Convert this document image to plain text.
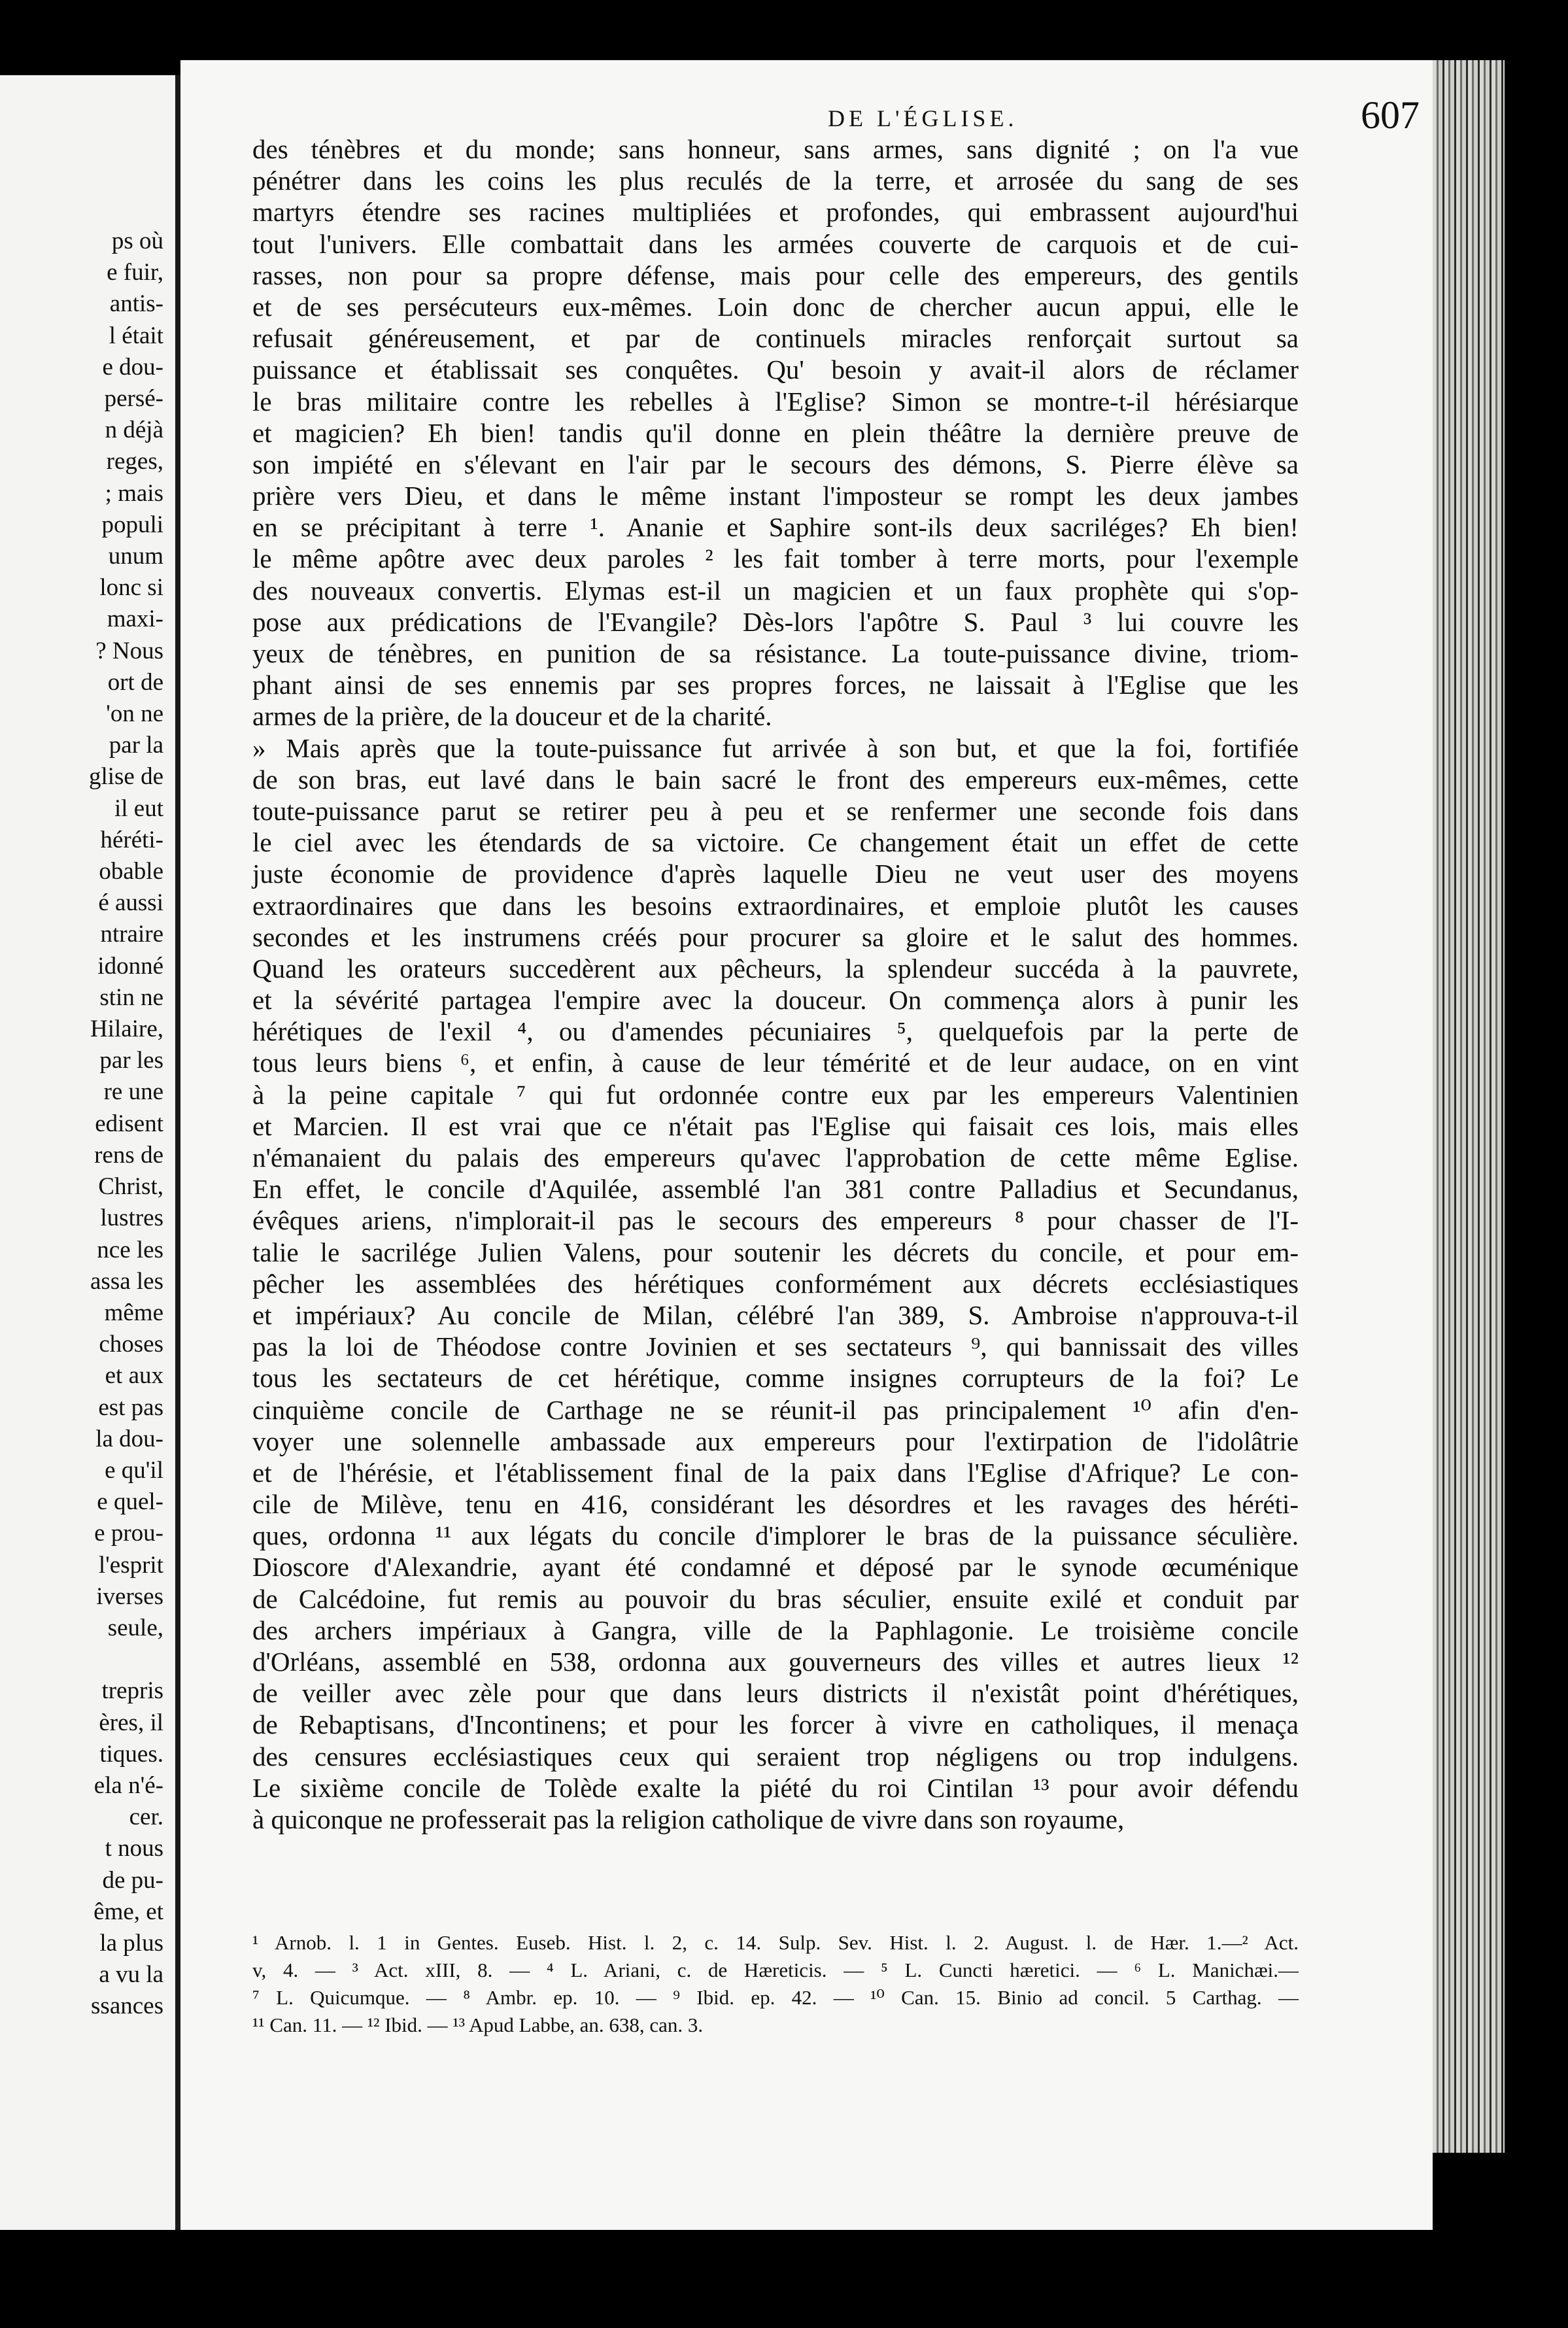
ps où
e fuir,
antis-
l était
e dou-
persé-
n déjà
reges,
; mais
populi
unum
lonc si
maxi-
? Nous
ort de
'on ne
par la
glise de
il eut
héréti-
obable
é aussi
ntraire
idonné
stin ne
Hilaire,
par les
re une
edisent
rens de
Christ,
lustres
nce les
assa les
même
choses
et aux
est pas
la dou-
e qu'il
e quel-
e prou-
l'esprit
iverses
seule,

trepris
ères, il
tiques.
ela n'é-
cer.
t nous
de pu-
ême, et
la plus
a vu la
ssances
DE L'ÉGLISE.	607
des ténèbres et du monde; sans honneur, sans armes, sans dignité ; on l'a vue
pénétrer dans les coins les plus reculés de la terre, et arrosée du sang de ses
martyrs étendre ses racines multipliées et profondes, qui embrassent aujourd'hui
tout l'univers. Elle combattait dans les armées couverte de carquois et de cui-
rasses, non pour sa propre défense, mais pour celle des empereurs, des gentils
et de ses persécuteurs eux-mêmes. Loin donc de chercher aucun appui, elle le
refusait généreusement, et par de continuels miracles renforçait surtout sa
puissance et établissait ses conquêtes. Qu' besoin y avait-il alors de réclamer
le bras militaire contre les rebelles à l'Eglise? Simon se montre-t-il hérésiarque
et magicien? Eh bien! tandis qu'il donne en plein théâtre la dernière preuve de
son impiété en s'élevant en l'air par le secours des démons, S. Pierre élève sa
prière vers Dieu, et dans le même instant l'imposteur se rompt les deux jambes
en se précipitant à terre ¹. Ananie et Saphire sont-ils deux sacriléges? Eh bien!
le même apôtre avec deux paroles ² les fait tomber à terre morts, pour l'exemple
des nouveaux convertis. Elymas est-il un magicien et un faux prophète qui s'op-
pose aux prédications de l'Evangile? Dès-lors l'apôtre S. Paul ³ lui couvre les
yeux de ténèbres, en punition de sa résistance. La toute-puissance divine, triom-
phant ainsi de ses ennemis par ses propres forces, ne laissait à l'Eglise que les
armes de la prière, de la douceur et de la charité.
» Mais après que la toute-puissance fut arrivée à son but, et que la foi, fortifiée
de son bras, eut lavé dans le bain sacré le front des empereurs eux-mêmes, cette
toute-puissance parut se retirer peu à peu et se renfermer une seconde fois dans
le ciel avec les étendards de sa victoire. Ce changement était un effet de cette
juste économie de providence d'après laquelle Dieu ne veut user des moyens
extraordinaires que dans les besoins extraordinaires, et emploie plutôt les causes
secondes et les instrumens créés pour procurer sa gloire et le salut des hommes.
Quand les orateurs succedèrent aux pêcheurs, la splendeur succéda à la pauvrete,
et la sévérité partagea l'empire avec la douceur. On commença alors à punir les
hérétiques de l'exil ⁴, ou d'amendes pécuniaires ⁵, quelquefois par la perte de
tous leurs biens ⁶, et enfin, à cause de leur témérité et de leur audace, on en vint
à la peine capitale ⁷ qui fut ordonnée contre eux par les empereurs Valentinien
et Marcien. Il est vrai que ce n'était pas l'Eglise qui faisait ces lois, mais elles
n'émanaient du palais des empereurs qu'avec l'approbation de cette même Eglise.
En effet, le concile d'Aquilée, assemblé l'an 381 contre Palladius et Secundanus,
évêques ariens, n'implorait-il pas le secours des empereurs ⁸ pour chasser de l'I-
talie le sacrilége Julien Valens, pour soutenir les décrets du concile, et pour em-
pêcher les assemblées des hérétiques conformément aux décrets ecclésiastiques
et impériaux? Au concile de Milan, célébré l'an 389, S. Ambroise n'approuva-t-il
pas la loi de Théodose contre Jovinien et ses sectateurs ⁹, qui bannissait des villes
tous les sectateurs de cet hérétique, comme insignes corrupteurs de la foi? Le
cinquième concile de Carthage ne se réunit-il pas principalement ¹⁰ afin d'en-
voyer une solennelle ambassade aux empereurs pour l'extirpation de l'idolâtrie
et de l'hérésie, et l'établissement final de la paix dans l'Eglise d'Afrique? Le con-
cile de Milève, tenu en 416, considérant les désordres et les ravages des héréti-
ques, ordonna ¹¹ aux légats du concile d'implorer le bras de la puissance séculière.
Dioscore d'Alexandrie, ayant été condamné et déposé par le synode œcuménique
de Calcédoine, fut remis au pouvoir du bras séculier, ensuite exilé et conduit par
des archers impériaux à Gangra, ville de la Paphlagonie. Le troisième concile
d'Orléans, assemblé en 538, ordonna aux gouverneurs des villes et autres lieux ¹²
de veiller avec zèle pour que dans leurs districts il n'existât point d'hérétiques,
de Rebaptisans, d'Incontinens; et pour les forcer à vivre en catholiques, il menaça
des censures ecclésiastiques ceux qui seraient trop négligens ou trop indulgens.
Le sixième concile de Tolède exalte la piété du roi Cintilan ¹³ pour avoir défendu
à quiconque ne professerait pas la religion catholique de vivre dans son royaume,
¹ Arnob. l. 1 in Gentes. Euseb. Hist. l. 2, c. 14. Sulp. Sev. Hist. l. 2. August. l. de Hær. 1.—² Act.
v, 4. — ³ Act. xIII, 8. — ⁴ L. Ariani, c. de Hæreticis. — ⁵ L. Cuncti hæretici. — ⁶ L. Manichæi.—
⁷ L. Quicumque. — ⁸ Ambr. ep. 10. — ⁹ Ibid. ep. 42. — ¹⁰ Can. 15. Binio ad concil. 5 Carthag. —
¹¹ Can. 11. — ¹² Ibid. — ¹³ Apud Labbe, an. 638, can. 3.
